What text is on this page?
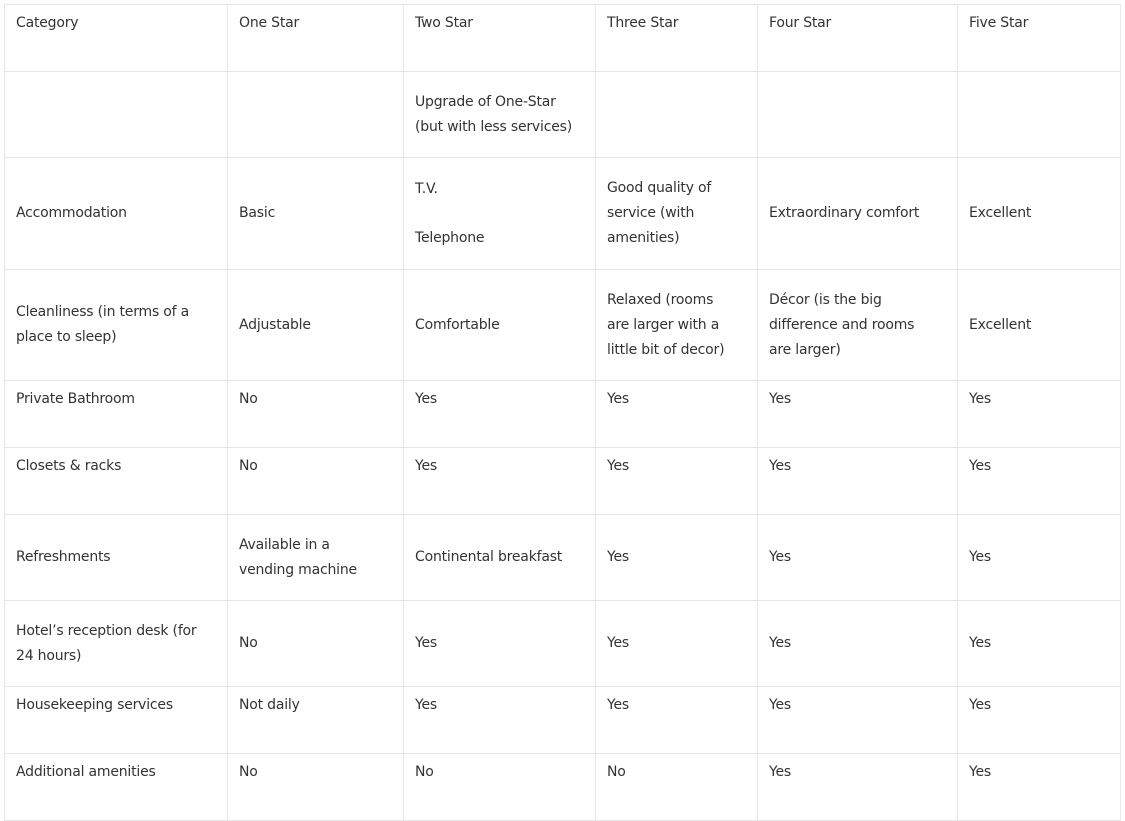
Category	One Star	Two Star	Three Star	Four Star	Five Star

		Upgrade of One-Star
(but with less services)			

Accommodation	Basic	T.V.
Telephone	Good quality of
service (with
amenities)	Extraordinary comfort	Excellent

Cleanliness (in terms of a
place to sleep)	Adjustable	Comfortable	Relaxed (rooms
are larger with a
little bit of decor)	Décor (is the big
difference and rooms
are larger)	Excellent
Private Bathroom	No	Yes	Yes	Yes	Yes
Closets & racks	No	Yes	Yes	Yes	Yes
Refreshments	Available in a
vending machine	Continental breakfast	Yes	Yes	Yes

Hotel’s reception desk (for
24 hours)	No	Yes	Yes	Yes	Yes
Housekeeping services	Not daily	Yes	Yes	Yes	Yes
Additional amenities	No	No	No	Yes	Yes
